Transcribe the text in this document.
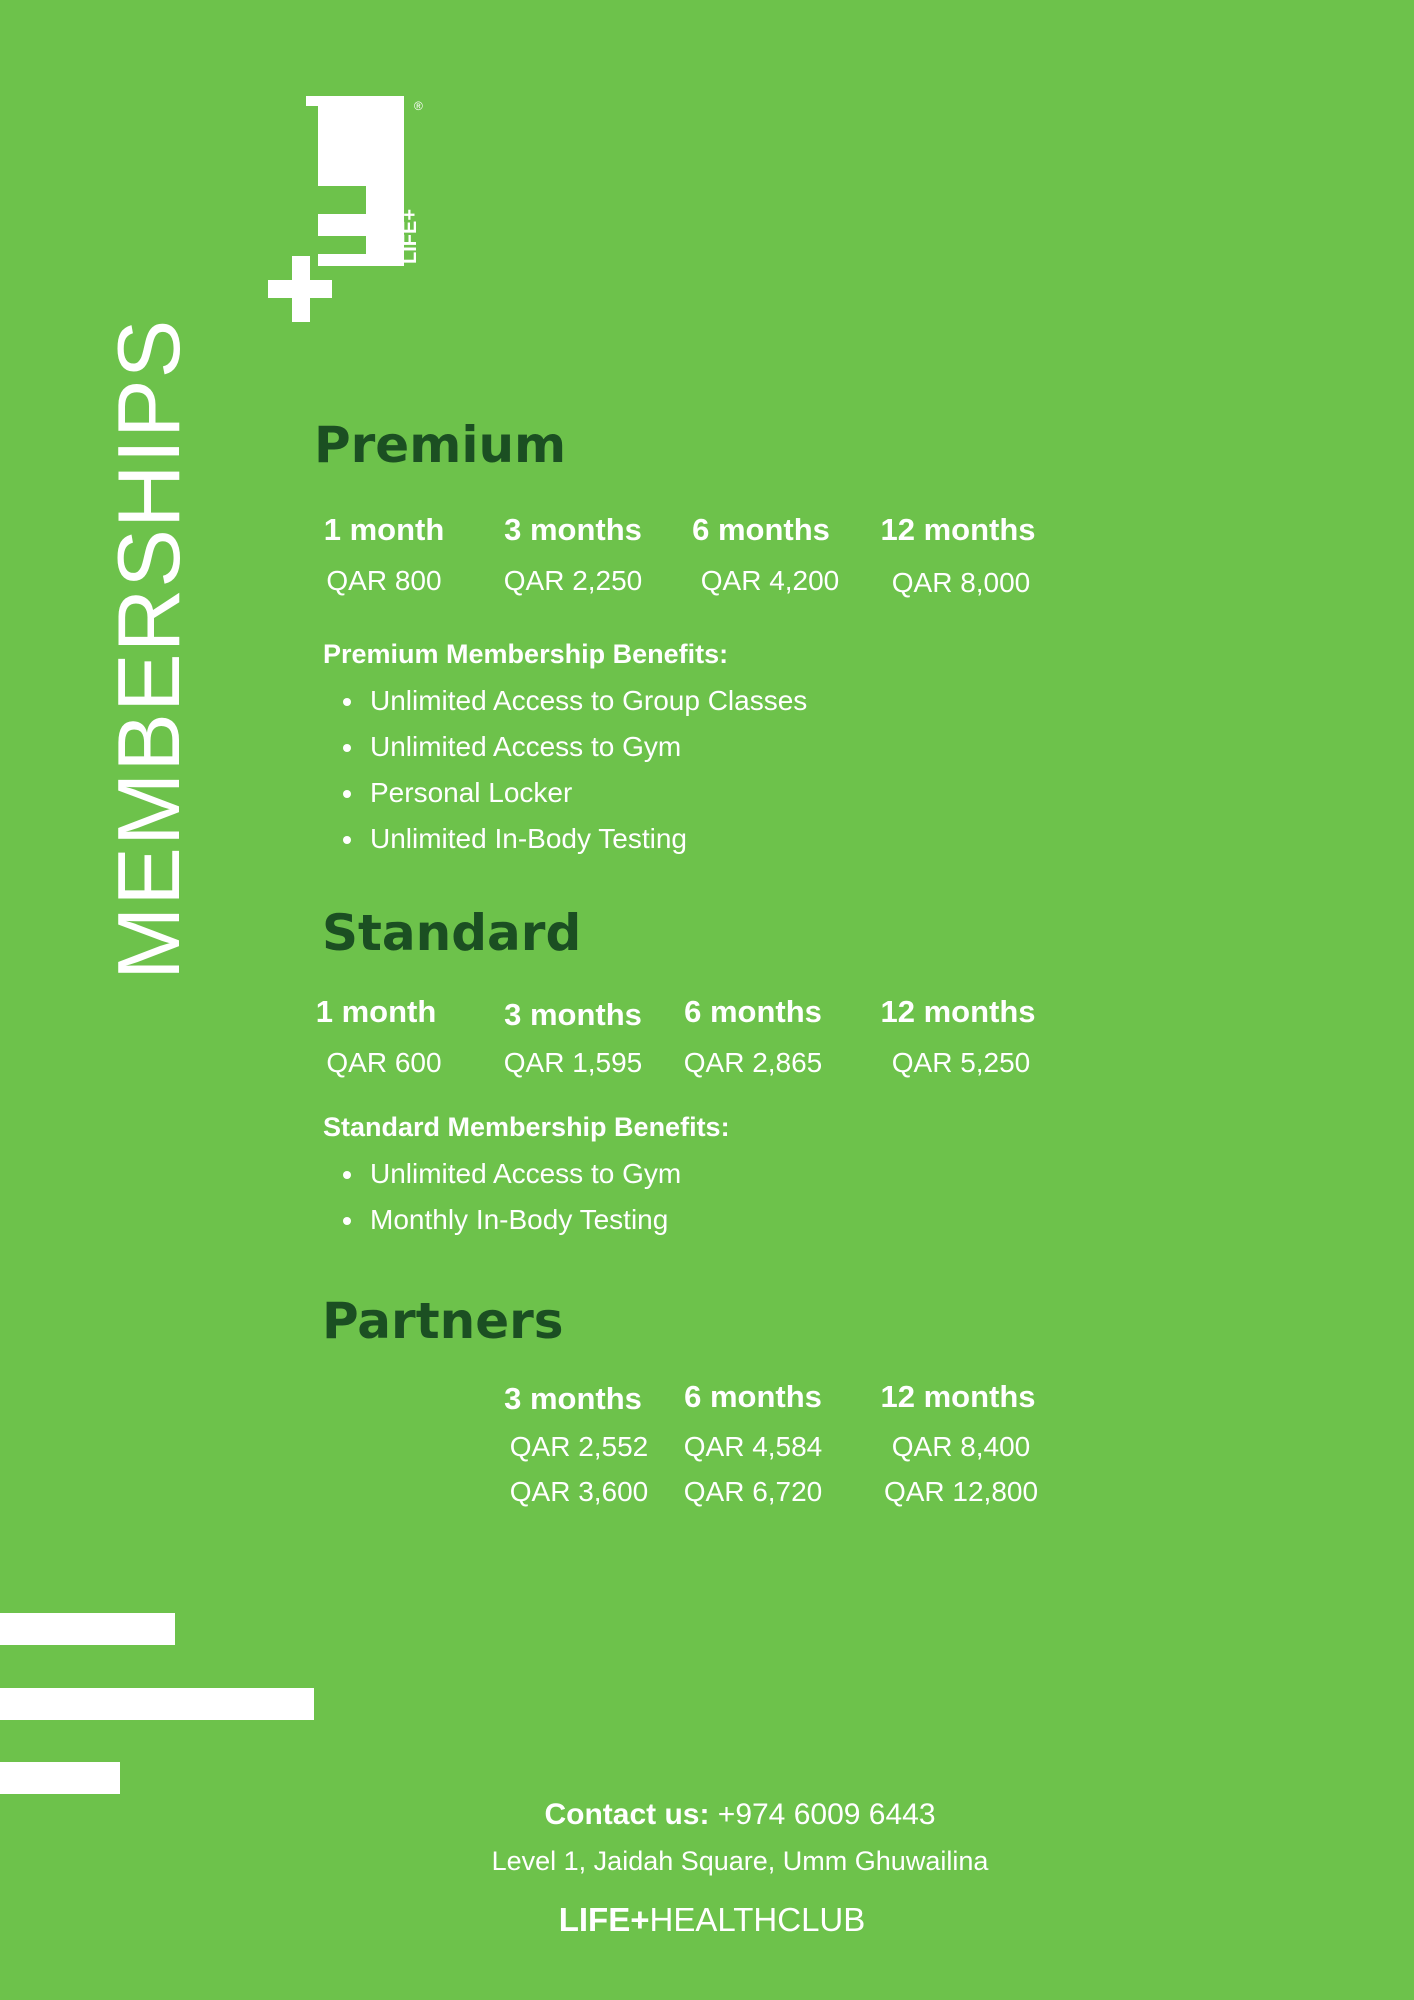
LIFE+
®
MEMBERSHIPS Premium
1 month	3 months	6 months	12 months
QAR 800	QAR 2,250	QAR 4,200	QAR 8,000
Premium Membership Benefits:
Unlimited Access to Group Classes
Unlimited Access to Gym
Personal Locker
Unlimited In-Body Testing
Standard
1 month	3 months	6 months	12 months
QAR 600	QAR 1,595	QAR 2,865	QAR 5,250
Standard Membership Benefits:
Unlimited Access to Gym
Monthly In-Body Testing
Partners
3 months	6 months	12 months
QAR 2,552	QAR 4,584	QAR 8,400
QAR 3,600	QAR 6,720	QAR 12,800
Contact us: +974 6009 6443
Level 1, Jaidah Square, Umm Ghuwailina
LIFE+HEALTHCLUB
